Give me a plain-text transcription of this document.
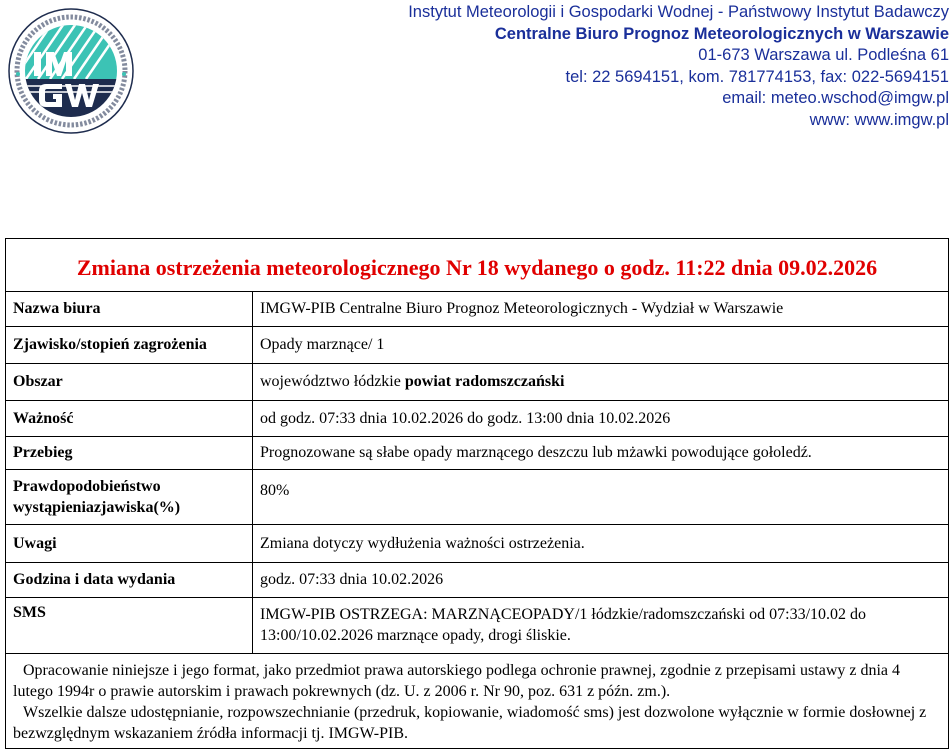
Instytut Meteorologii i Gospodarki Wodnej - Państwowy Instytut Badawczy
Centralne Biuro Prognoz Meteorologicznych w Warszawie
01-673 Warszawa ul. Podleśna 61
tel: 22 5694151, kom. 781774153, fax: 022-5694151
email: meteo.wschod@imgw.pl
www: www.imgw.pl
Zmiana ostrzeżenia meteorologicznego Nr 18 wydanego o godz. 11:22 dnia 09.02.2026	
Nazwa biura	IMGW-PIB Centralne Biuro Prognoz Meteorologicznych - Wydział w Warszawie
Zjawisko/stopień zagrożenia	Opady marznące/ 1
Obszar	województwo łódzkie powiat radomszczański
Ważność	od godz. 07:33 dnia 10.02.2026 do godz. 13:00 dnia 10.02.2026
Przebieg	Prognozowane są słabe opady marznącego deszczu lub mżawki powodujące gołoledź.
Prawdopodobieństwo wystąpieniazjawiska(%)	80%
Uwagi	Zmiana dotyczy wydłużenia ważności ostrzeżenia.
Godzina i data wydania	godz. 07:33 dnia 10.02.2026
SMS	IMGW-PIB OSTRZEGA: MARZNĄCEOPADY/1 łódzkie/radomszczański od 07:33/10.02 do 13:00/10.02.2026 marznące opady, drogi śliskie.

Opracowanie niniejsze i jego format, jako przedmiot prawa autorskiego podlega ochronie prawnej, zgodnie z przepisami ustawy z dnia 4 lutego 1994r o prawie autorskim i prawach pokrewnych (dz. U. z 2006 r. Nr 90, poz. 631 z późn. zm.).
Wszelkie dalsze udostępnianie, rozpowszechnianie (przedruk, kopiowanie, wiadomość sms) jest dozwolone wyłącznie w formie dosłownej z bezwzględnym wskazaniem źródła informacji tj. IMGW-PIB.	
